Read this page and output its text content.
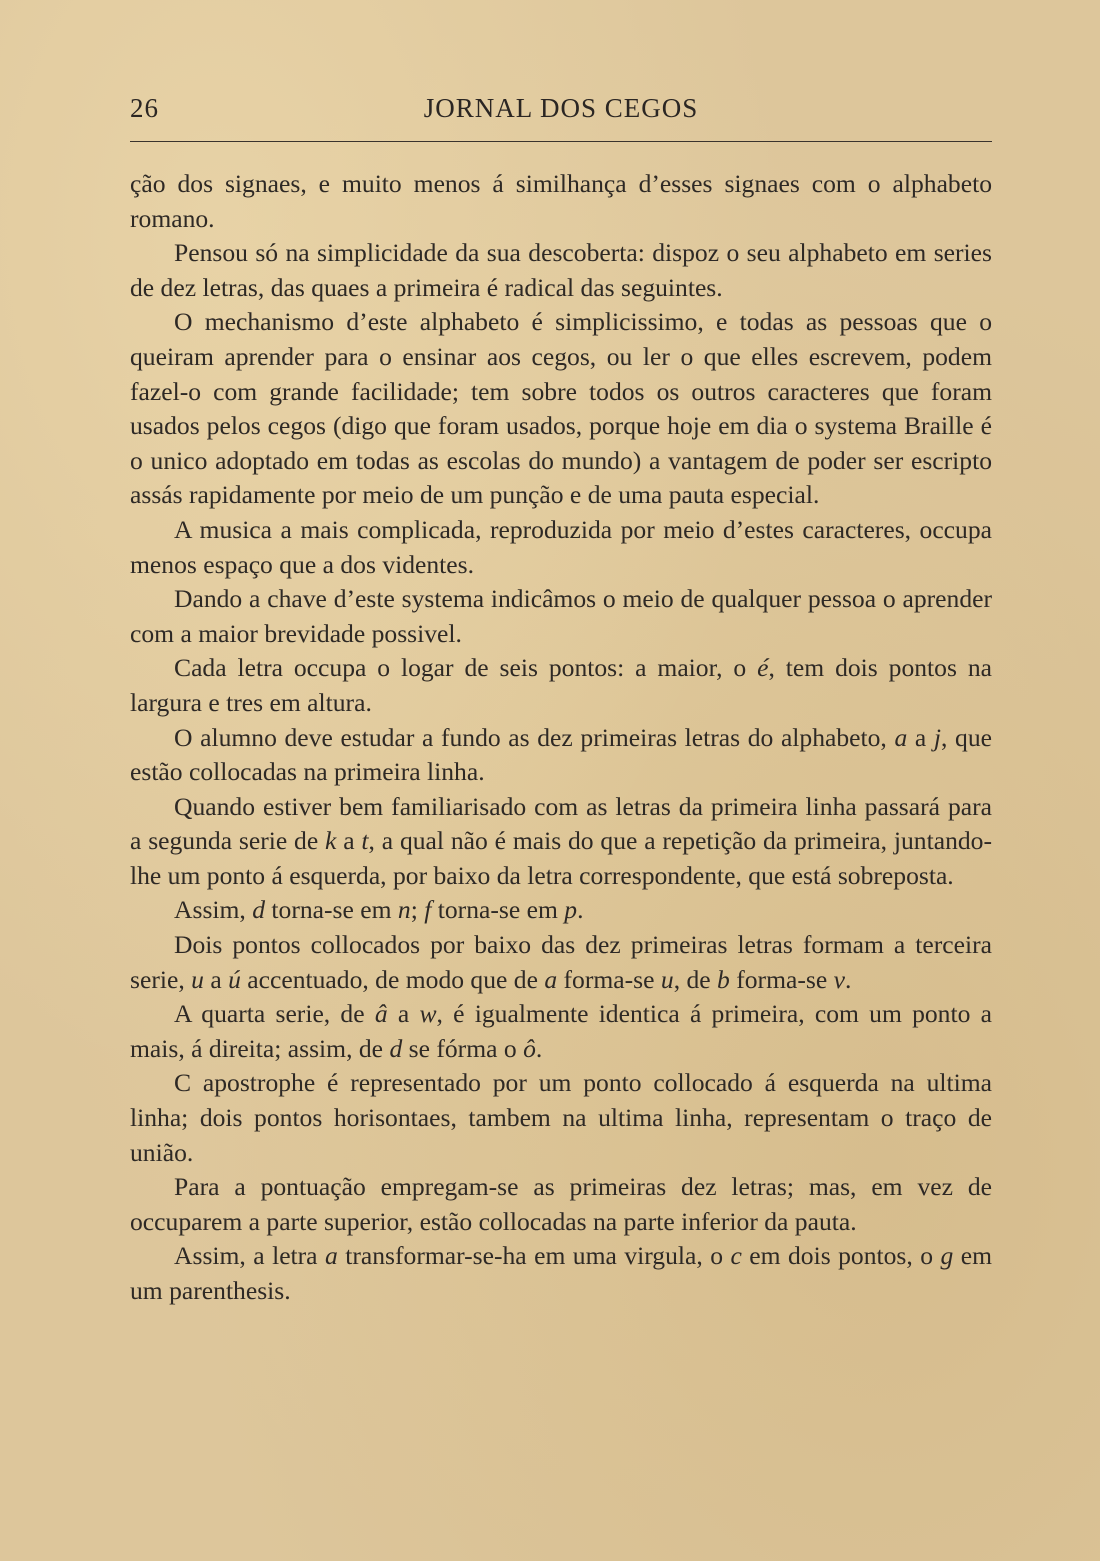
26	JORNAL DOS CEGOS

ção dos signaes, e muito menos á similhança d’esses signaes com o alphabeto romano.

Pensou só na simplicidade da sua descoberta: dispoz o seu alphabeto em series de dez letras, das quaes a primeira é radical das seguintes.

O mechanismo d’este alphabeto é simplicissimo, e todas as pessoas que o queiram aprender para o ensinar aos cegos, ou ler o que elles escrevem, podem fazel-o com grande facilidade; tem sobre todos os outros caracteres que foram usados pelos cegos (digo que foram usados, porque hoje em dia o systema Braille é o unico adoptado em todas as escolas do mundo) a vantagem de poder ser escripto assás rapidamente por meio de um punção e de uma pauta especial.

A musica a mais complicada, reproduzida por meio d’estes caracteres, occupa menos espaço que a dos videntes.

Dando a chave d’este systema indicâmos o meio de qualquer pessoa o aprender com a maior brevidade possivel.

Cada letra occupa o logar de seis pontos: a maior, o é, tem dois pontos na largura e tres em altura.

O alumno deve estudar a fundo as dez primeiras letras do alphabeto, a a j, que estão collocadas na primeira linha.

Quando estiver bem familiarisado com as letras da primeira linha passará para a segunda serie de k a t, a qual não é mais do que a repetição da primeira, juntando-lhe um ponto á esquerda, por baixo da letra correspondente, que está sobreposta.

Assim, d torna-se em n; f torna-se em p.

Dois pontos collocados por baixo das dez primeiras letras formam a terceira serie, u a ú accentuado, de modo que de a forma-se u, de b forma-se v.

A quarta serie, de â a w, é igualmente identica á primeira, com um ponto a mais, á direita; assim, de d se fórma o ô.

C apostrophe é representado por um ponto collocado á esquerda na ultima linha; dois pontos horisontaes, tambem na ultima linha, representam o traço de união.

Para a pontuação empregam-se as primeiras dez letras; mas, em vez de occuparem a parte superior, estão collocadas na parte inferior da pauta.

Assim, a letra a transformar-se-ha em uma virgula, o c em dois pontos, o g em um parenthesis.
